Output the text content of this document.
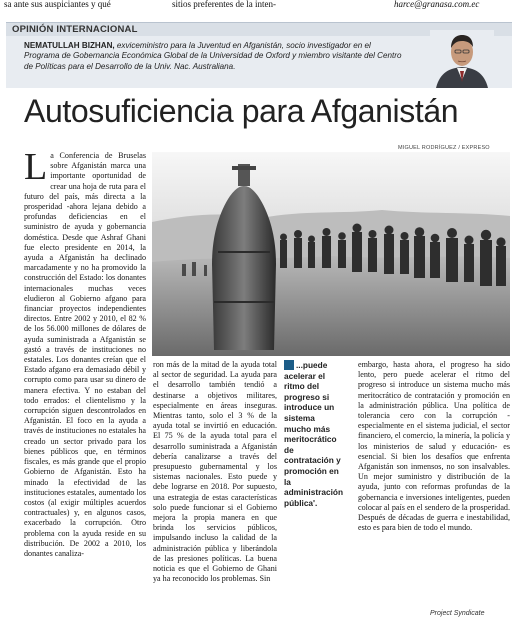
sa ante sus auspiciantes y qué	sitios preferentes de la inten-	harce@granasa.com.ec
OPINIÓN INTERNACIONAL
NEMATULLAH BIZHAN, exviceministro para la Juventud en Afganistán, socio investigador en el Programa de Gobernancia Económica Global de la Universidad de Oxford y miembro visitante del Centro de Políticas para el Desarrollo de la Univ. Nac. Australiana.
Autosuficiencia para Afganistán
MIGUEL RODRÍGUEZ / EXPRESO
L a Conferencia de Bruselas sobre Afganistán marca una importante oportunidad de crear una hoja de ruta para el futuro del país, más directa a la prosperidad -ahora lejana debido a profundas deficiencias en el suministro de ayuda y gobernancia doméstica. Desde que Ashraf Ghani fue electo presidente en 2014, la ayuda a Afganistán ha declinado marcadamente y no ha promovido la construcción del Estado: los donantes internacionales muchas veces eludieron al Gobierno afgano para financiar proyectos independientes directos. Entre 2002 y 2010, el 82 % de los 56.000 millones de dólares de ayuda suministrada a Afganistán se gastó a través de instituciones no estatales. Los donantes creían que el Estado afgano era demasiado débil y corrupto como para usar su dinero de manera efectiva. Y no estaban del todo errados: el clientelismo y la corrupción siguen descontrolados en Afganistán. El foco en la ayuda a través de instituciones no estatales ha creado un sector privado para los bienes públicos que, en términos fiscales, es más grande que el propio Gobierno de Afganistán. Esto ha minado la efectividad de las instituciones estatales, aumentado los costos (al exigir múltiples acuerdos contractuales) y, en algunos casos, exacerbado la corrupción. Otro problema con la ayuda reside en su distribución. De 2002 a 2010, los donantes canaliza-

ron más de la mitad de la ayuda total al sector de seguridad. La ayuda para el desarrollo también tendió a destinarse a objetivos militares, especialmente en áreas inseguras. Mientras tanto, solo el 3 % de la ayuda total se invirtió en educación. El 75 % de la ayuda total para el desarrollo suministrada a Afganistán debería canalizarse a través del presupuesto gubernamental y los sistemas nacionales. Esto puede y debe lograrse en 2018. Por supuesto, una estrategia de estas características solo puede funcionar si el Gobierno mejora la propia manera en que brinda los servicios públicos, impulsando incluso la calidad de la administración pública y liberándola de las presiones políticas. La buena noticia es que el Gobierno de Ghani ya ha reconocido los problemas. Sin

...puede acelerar el ritmo del progreso si introduce un sistema mucho más meritocrático de contratación y promoción en la administración pública'.

embargo, hasta ahora, el progreso ha sido lento, pero puede acelerar el ritmo del progreso si introduce un sistema mucho más meritocrático de contratación y promoción en la administración pública. Una política de tolerancia cero con la corrupción -especialmente en el sistema judicial, el sector financiero, el comercio, la minería, la policía y los ministerios de salud y educación- es esencial. Si bien los desafíos que enfrenta Afganistán son inmensos, no son insalvables. Un mejor suministro y distribución de la ayuda, junto con reformas profundas de la gobernancia e inversiones inteligentes, pueden colocar al país en el sendero de la prosperidad. Después de décadas de guerra e inestabilidad, esto es para bien de todo el mundo.

Project Syndicate
